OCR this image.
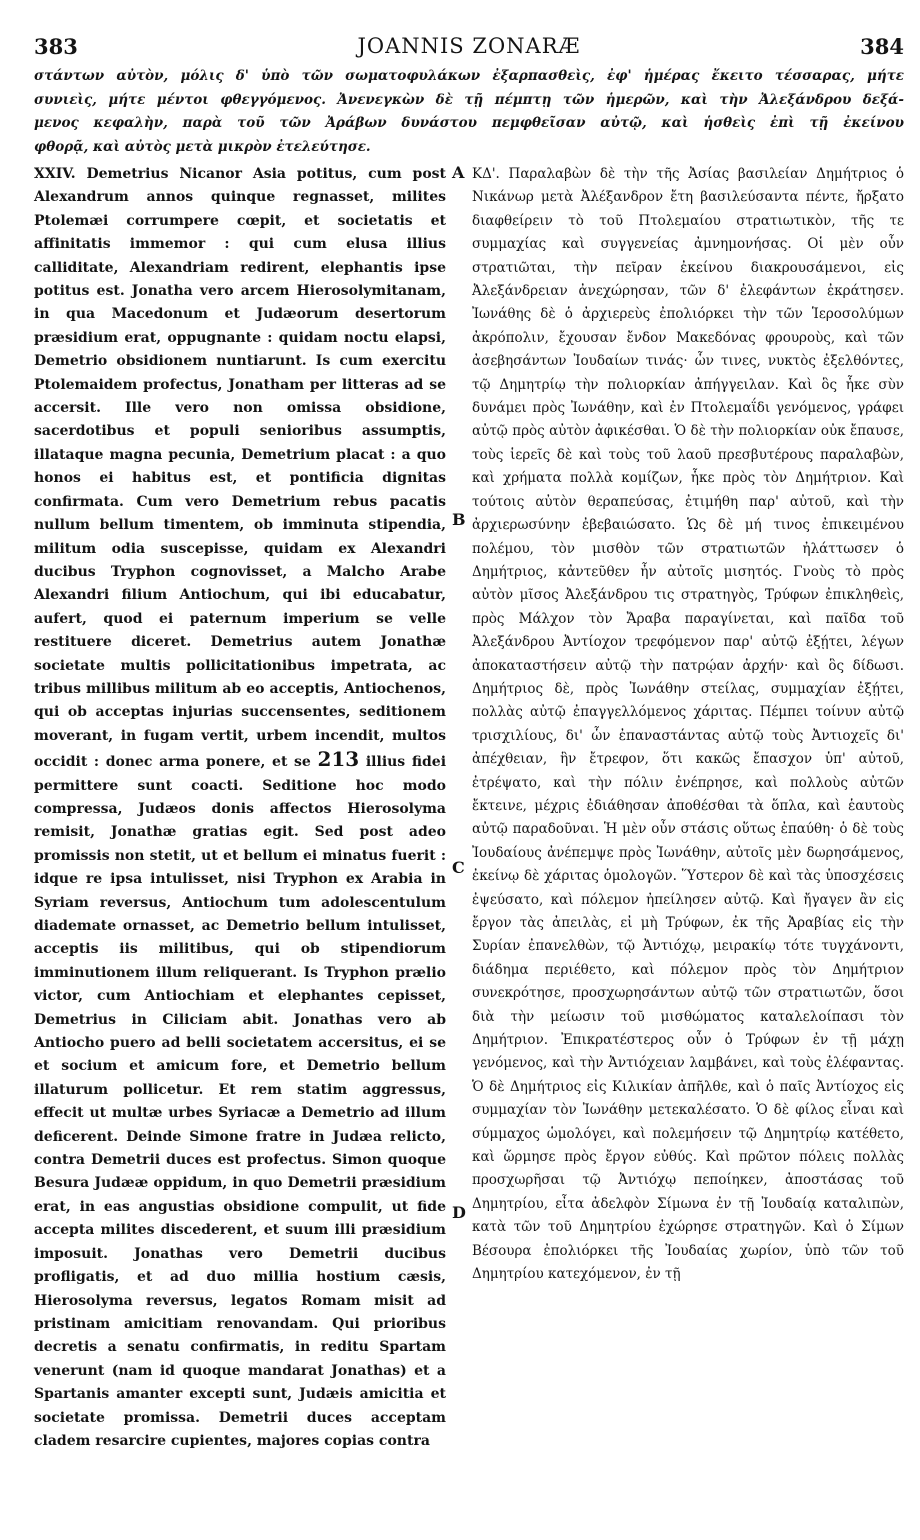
383	JOANNIS ZONARÆ	384
στάντων αὐτὸν, μόλις δ' ὑπὸ τῶν σωματοφυλάκων ἐξαρπασθεὶς, ἐφ' ἡμέρας ἔκειτο τέσσαρας, μήτε
συνιεὶς, μήτε μέντοι φθεγγόμενος. Ἀνενεγκὼν δὲ τῇ πέμπτῃ τῶν ἡμερῶν, καὶ τὴν Ἀλεξάνδρου δεξά-
μενος κεφαλὴν, παρὰ τοῦ τῶν Ἀράβων δυνάστου πεμφθεῖσαν αὐτῷ, καὶ ἡσθεὶς ἐπὶ τῇ ἐκείνου
φθορᾷ, καὶ αὐτὸς μετὰ μικρὸν ἐτελεύτησε.

XXIV. Demetrius Nicanor Asia potitus, cum post Alexandrum annos quinque regnasset, milites Ptolemæi corrumpere cœpit, et societatis et affinitatis immemor : qui cum elusa illius calliditate, Alexandriam redirent, elephantis ipse potitus est. Jonatha vero arcem Hierosolymitanam, in qua Macedonum et Judæorum desertorum præsidium erat, oppugnante : quidam noctu elapsi, Demetrio obsidionem nuntiarunt. Is cum exercitu Ptolemaidem profectus, Jonatham per litteras ad se accersit. Ille vero non omissa obsidione, sacerdotibus et populi senioribus assumptis, illataque magna pecunia, Demetrium placat : a quo honos ei habitus est, et pontificia dignitas confirmata. Cum vero Demetrium rebus pacatis nullum bellum timentem, ob imminuta stipendia, militum odia suscepisse, quidam ex Alexandri ducibus Tryphon cognovisset, a Malcho Arabe Alexandri filium Antiochum, qui ibi educabatur, aufert, quod ei paternum imperium se velle restituere diceret. Demetrius autem Jonathæ societate multis pollicitationibus impetrata, ac tribus millibus militum ab eo acceptis, Antiochenos, qui ob acceptas injurias succensentes, seditionem moverant, in fugam vertit, urbem incendit, multos occidit : donec arma ponere, et se 213 illius fidei permittere sunt coacti. Seditione hoc modo compressa, Judæos donis affectos Hierosolyma remisit, Jonathæ gratias egit. Sed post adeo promissis non stetit, ut et bellum ei minatus fuerit : idque re ipsa intulisset, nisi Tryphon ex Arabia in Syriam reversus, Antiochum tum adolescentulum diademate ornasset, ac Demetrio bellum intulisset, acceptis iis militibus, qui ob stipendiorum imminutionem illum reliquerant. Is Tryphon prælio victor, cum Antiochiam et elephantes cepisset, Demetrius in Ciliciam abit. Jonathas vero ab Antiocho puero ad belli societatem accersitus, ei se et socium et amicum fore, et Demetrio bellum illaturum pollicetur. Et rem statim aggressus, effecit ut multæ urbes Syriacæ a Demetrio ad illum deficerent. Deinde Simone fratre in Judæa relicto, contra Demetrii duces est profectus. Simon quoque Besura Judææ oppidum, in quo Demetrii præsidium erat, in eas angustias obsidione compulit, ut fide accepta milites discederent, et suum illi præsidium imposuit. Jonathas vero Demetrii ducibus profligatis, et ad duo millia hostium cæsis, Hierosolyma reversus, legatos Romam misit ad pristinam amicitiam renovandam. Qui prioribus decretis a senatu confirmatis, in reditu Spartam venerunt (nam id quoque mandarat Jonathas) et a Spartanis amanter excepti sunt, Judæis amicitia et societate promissa. Demetrii duces acceptam cladem resarcire cupientes, majores copias contra

A
B
C
D

ΚΔ'. Παραλαβὼν δὲ τὴν τῆς Ἀσίας βασιλείαν Δημήτριος ὁ Νικάνωρ μετὰ Ἀλέξανδρον ἔτη βασιλεύσαντα πέντε, ἤρξατο διαφθείρειν τὸ τοῦ Πτολεμαίου στρατιωτικὸν, τῆς τε συμμαχίας καὶ συγγενείας ἀμνημονήσας. Οἱ μὲν οὖν στρατιῶται, τὴν πεῖραν ἐκείνου διακρουσάμενοι, εἰς Ἀλεξάνδρειαν ἀνεχώρησαν, τῶν δ' ἐλεφάντων ἐκράτησεν. Ἰωνάθης δὲ ὁ ἀρχιερεὺς ἐπολιόρκει τὴν τῶν Ἱεροσολύμων ἀκρόπολιν, ἔχουσαν ἔνδον Μακεδόνας φρουροὺς, καὶ τῶν ἀσεβησάντων Ἰουδαίων τινάς· ὧν τινες, νυκτὸς ἐξελθόντες, τῷ Δημητρίῳ τὴν πολιορκίαν ἀπήγγειλαν. Καὶ ὃς ἧκε σὺν δυνάμει πρὸς Ἰωνάθην, καὶ ἐν Πτολεμαΐδι γενόμενος, γράφει αὐτῷ πρὸς αὐτὸν ἀφικέσθαι. Ὁ δὲ τὴν πολιορκίαν οὐκ ἔπαυσε, τοὺς ἱερεῖς δὲ καὶ τοὺς τοῦ λαοῦ πρεσβυτέρους παραλαβὼν, καὶ χρήματα πολλὰ κομίζων, ἧκε πρὸς τὸν Δημήτριον. Καὶ τούτοις αὐτὸν θεραπεύσας, ἐτιμήθη παρ' αὐτοῦ, καὶ τὴν ἀρχιερωσύνην ἐβεβαιώσατο. Ὡς δὲ μή τινος ἐπικειμένου πολέμου, τὸν μισθὸν τῶν στρατιωτῶν ἠλάττωσεν ὁ Δημήτριος, κἀντεῦθεν ἦν αὐτοῖς μισητός. Γνοὺς τὸ πρὸς αὐτὸν μῖσος Ἀλεξάνδρου τις στρατηγὸς, Τρύφων ἐπικληθεὶς, πρὸς Μάλχον τὸν Ἄραβα παραγίνεται, καὶ παῖδα τοῦ Ἀλεξάνδρου Ἀντίοχον τρεφόμενον παρ' αὐτῷ ἐξῄτει, λέγων ἀποκαταστήσειν αὐτῷ τὴν πατρῴαν ἀρχήν· καὶ ὃς δίδωσι. Δημήτριος δὲ, πρὸς Ἰωνάθην στείλας, συμμαχίαν ἐξῄτει, πολλὰς αὐτῷ ἐπαγγελλόμενος χάριτας. Πέμπει τοίνυν αὐτῷ τρισχιλίους, δι' ὧν ἐπαναστάντας αὐτῷ τοὺς Ἀντιοχεῖς δι' ἀπέχθειαν, ἣν ἔτρεφον, ὅτι κακῶς ἔπασχον ὑπ' αὐτοῦ, ἐτρέψατο, καὶ τὴν πόλιν ἐνέπρησε, καὶ πολλοὺς αὐτῶν ἔκτεινε, μέχρις ἐδιάθησαν ἀποθέσθαι τὰ ὅπλα, καὶ ἑαυτοὺς αὐτῷ παραδοῦναι. Ἡ μὲν οὖν στάσις οὕτως ἐπαύθη· ὁ δὲ τοὺς Ἰουδαίους ἀνέπεμψε πρὸς Ἰωνάθην, αὐτοῖς μὲν δωρησάμενος, ἐκείνῳ δὲ χάριτας ὁμολογῶν. Ὕστερον δὲ καὶ τὰς ὑποσχέσεις ἐψεύσατο, καὶ πόλεμον ἠπείλησεν αὐτῷ. Καὶ ἤγαγεν ἂν εἰς ἔργον τὰς ἀπειλὰς, εἰ μὴ Τρύφων, ἐκ τῆς Ἀραβίας εἰς τὴν Συρίαν ἐπανελθὼν, τῷ Ἀντιόχῳ, μειρακίῳ τότε τυγχάνοντι, διάδημα περιέθετο, καὶ πόλεμον πρὸς τὸν Δημήτριον συνεκρότησε, προσχωρησάντων αὐτῷ τῶν στρατιωτῶν, ὅσοι διὰ τὴν μείωσιν τοῦ μισθώματος καταλελοίπασι τὸν Δημήτριον. Ἐπικρατέστερος οὖν ὁ Τρύφων ἐν τῇ μάχῃ γενόμενος, καὶ τὴν Ἀντιόχειαν λαμβάνει, καὶ τοὺς ἐλέφαντας. Ὁ δὲ Δημήτριος εἰς Κιλικίαν ἀπῆλθε, καὶ ὁ παῖς Ἀντίοχος εἰς συμμαχίαν τὸν Ἰωνάθην μετεκαλέσατο. Ὁ δὲ φίλος εἶναι καὶ σύμμαχος ὡμολόγει, καὶ πολεμήσειν τῷ Δημητρίῳ κατέθετο, καὶ ὥρμησε πρὸς ἔργον εὐθύς. Καὶ πρῶτον πόλεις πολλὰς προσχωρῆσαι τῷ Ἀντιόχῳ πεποίηκεν, ἀποστάσας τοῦ Δημητρίου, εἶτα ἀδελφὸν Σίμωνα ἐν τῇ Ἰουδαίᾳ καταλιπὼν, κατὰ τῶν τοῦ Δημητρίου ἐχώρησε στρατηγῶν. Καὶ ὁ Σίμων Βέσουρα ἐπολιόρκει τῆς Ἰουδαίας χωρίον, ὑπὸ τῶν τοῦ Δημητρίου κατεχόμενον, ἐν τῇ
